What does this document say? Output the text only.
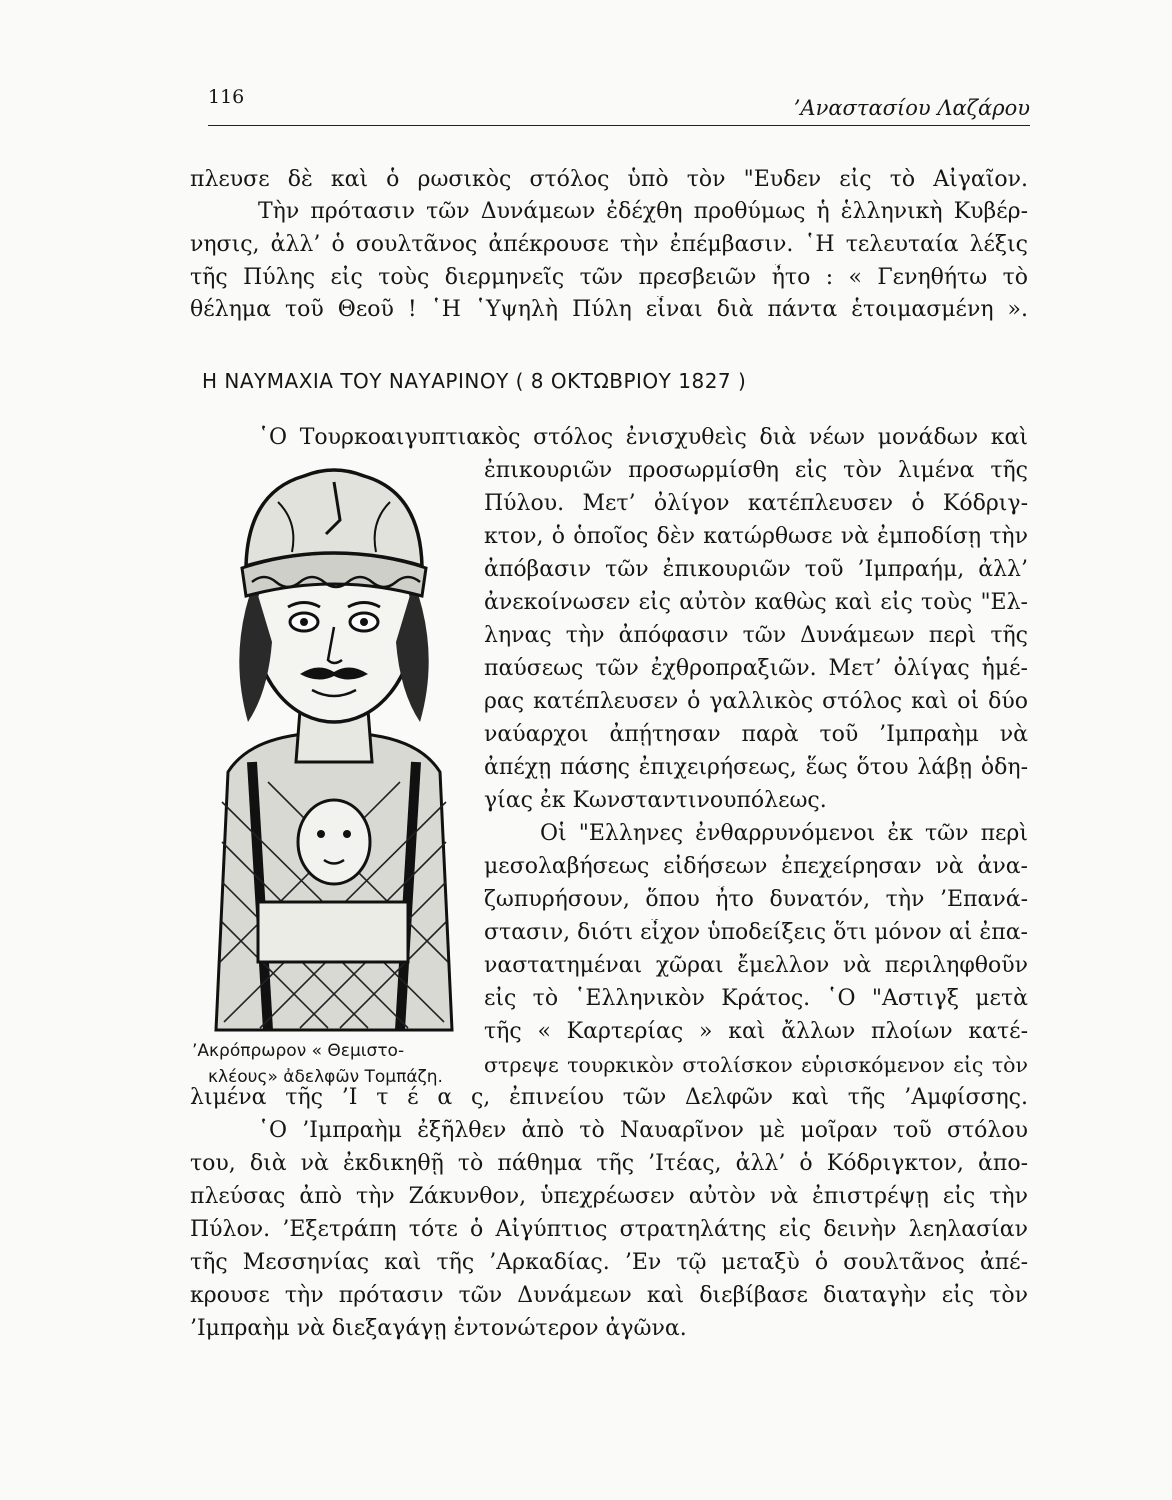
116	’Αναστασίου Λαζάρου
πλευσε δὲ καὶ ὁ ρωσικὸς στόλος ὑπὸ τὸν "Ευδεν εἰς τὸ Αἰγαῖον.
Τὴν πρότασιν τῶν Δυνάμεων ἐδέχθη προθύμως ἡ ἑλληνικὴ Κυβέρ-
νησις, ἀλλ’ ὁ σουλτᾶνος ἀπέκρουσε τὴν ἐπέμβασιν. ῾Η τελευταία λέξις
τῆς Πύλης εἰς τοὺς διερμηνεῖς τῶν πρεσβειῶν ἦτο : « Γενηθήτω τὸ
θέλημα τοῦ Θεοῦ ! ῾Η ῾Υψηλὴ Πύλη εἶναι διὰ πάντα ἑτοιμασμένη ».
Η ΝΑΥΜΑΧΙΑ ΤΟΥ ΝΑΥΑΡΙΝΟΥ ( 8 ΟΚΤΩΒΡΙΟΥ 1827 )
῾Ο Τουρκοαιγυπτιακὸς στόλος ἐνισχυθεὶς διὰ νέων μονάδων καὶ
ἐπικουριῶν προσωρμίσθη εἰς τὸν λιμένα τῆς
Πύλου. Μετ’ ὀλίγον κατέπλευσεν ὁ Κόδριγ-
κτον, ὁ ὁποῖος δὲν κατώρθωσε νὰ ἐμποδίσῃ τὴν
ἀπόβασιν τῶν ἐπικουριῶν τοῦ ’Ιμπραήμ, ἀλλ’
ἀνεκοίνωσεν εἰς αὐτὸν καθὼς καὶ εἰς τοὺς "Ελ-
ληνας τὴν ἀπόφασιν τῶν Δυνάμεων περὶ τῆς
παύσεως τῶν ἐχθροπραξιῶν. Μετ’ ὀλίγας ἡμέ-
ρας κατέπλευσεν ὁ γαλλικὸς στόλος καὶ οἱ δύο
ναύαρχοι ἀπῄτησαν παρὰ τοῦ ’Ιμπραὴμ νὰ
ἀπέχῃ πάσης ἐπιχειρήσεως, ἕως ὅτου λάβῃ ὁδη-
γίας ἐκ Κωνσταντινουπόλεως.
Οἱ "Ελληνες ἐνθαρρυνόμενοι ἐκ τῶν περὶ
μεσολαβήσεως εἰδήσεων ἐπεχείρησαν νὰ ἀνα-
ζωπυρήσουν, ὅπου ἦτο δυνατόν, τὴν ’Επανά-
στασιν, διότι εἶχον ὑποδείξεις ὅτι μόνον αἱ ἐπα-
ναστατημέναι χῶραι ἔμελλον νὰ περιληφθοῦν
εἰς τὸ ῾Ελληνικὸν Κράτος. ῾Ο "Αστιγξ μετὰ
τῆς « Καρτερίας » καὶ ἄλλων πλοίων κατέ-
στρεψε τουρκικὸν στολίσκον εὑρισκόμενον εἰς τὸν
’Ακρόπρωρον « Θεμιστο-
κλέους» ἀδελφῶν Τομπάζη.
λιμένα τῆς ’Ι τ έ α ς, ἐπινείου τῶν Δελφῶν καὶ τῆς ’Αμφίσσης.
῾Ο ’Ιμπραὴμ ἐξῆλθεν ἀπὸ τὸ Ναυαρῖνον μὲ μοῖραν τοῦ στόλου
του, διὰ νὰ ἐκδικηθῇ τὸ πάθημα τῆς ’Ιτέας, ἀλλ’ ὁ Κόδριγκτον, ἀπο-
πλεύσας ἀπὸ τὴν Ζάκυνθον, ὑπεχρέωσεν αὐτὸν νὰ ἐπιστρέψῃ εἰς τὴν
Πύλον. ’Εξετράπη τότε ὁ Αἰγύπτιος στρατηλάτης εἰς δεινὴν λεηλασίαν
τῆς Μεσσηνίας καὶ τῆς ’Αρκαδίας. ’Εν τῷ μεταξὺ ὁ σουλτᾶνος ἀπέ-
κρουσε τὴν πρότασιν τῶν Δυνάμεων καὶ διεβίβασε διαταγὴν εἰς τὸν
’Ιμπραὴμ νὰ διεξαγάγῃ ἐντονώτερον ἀγῶνα.
